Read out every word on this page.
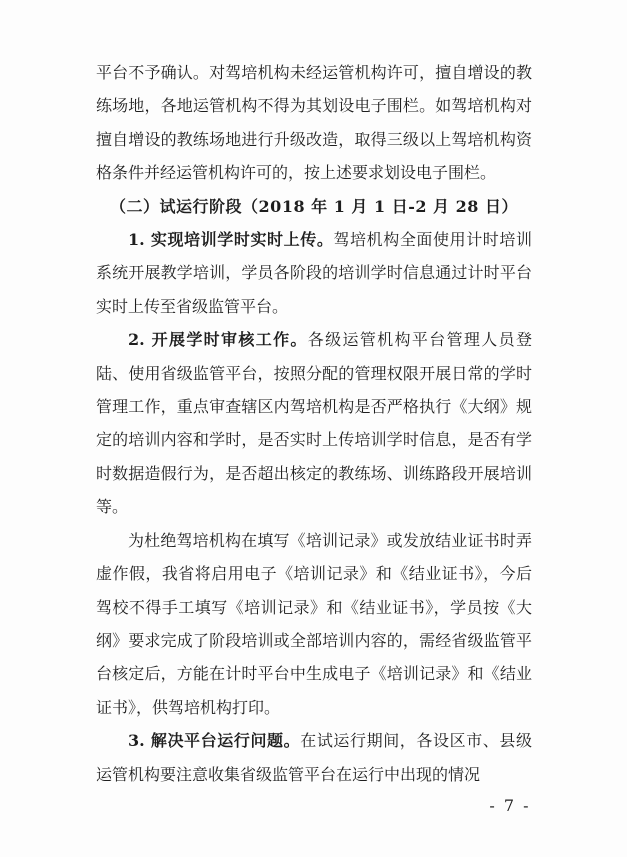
平台不予确认。对驾培机构未经运管机构许可，擅自增设的教练场地，各地运管机构不得为其划设电子围栏。如驾培机构对擅自增设的教练场地进行升级改造，取得三级以上驾培机构资格条件并经运管机构许可的，按上述要求划设电子围栏。

（二）试运行阶段（2018 年 1 月 1 日-2 月 28 日）

1. 实现培训学时实时上传。驾培机构全面使用计时培训系统开展教学培训，学员各阶段的培训学时信息通过计时平台实时上传至省级监管平台。

2. 开展学时审核工作。各级运管机构平台管理人员登陆、使用省级监管平台，按照分配的管理权限开展日常的学时管理工作，重点审查辖区内驾培机构是否严格执行《大纲》规定的培训内容和学时，是否实时上传培训学时信息，是否有学时数据造假行为，是否超出核定的教练场、训练路段开展培训等。

为杜绝驾培机构在填写《培训记录》或发放结业证书时弄虚作假，我省将启用电子《培训记录》和《结业证书》，今后驾校不得手工填写《培训记录》和《结业证书》，学员按《大纲》要求完成了阶段培训或全部培训内容的，需经省级监管平台核定后，方能在计时平台中生成电子《培训记录》和《结业证书》，供驾培机构打印。

3. 解决平台运行问题。在试运行期间，各设区市、县级运管机构要注意收集省级监管平台在运行中出现的情况

- 7 -
